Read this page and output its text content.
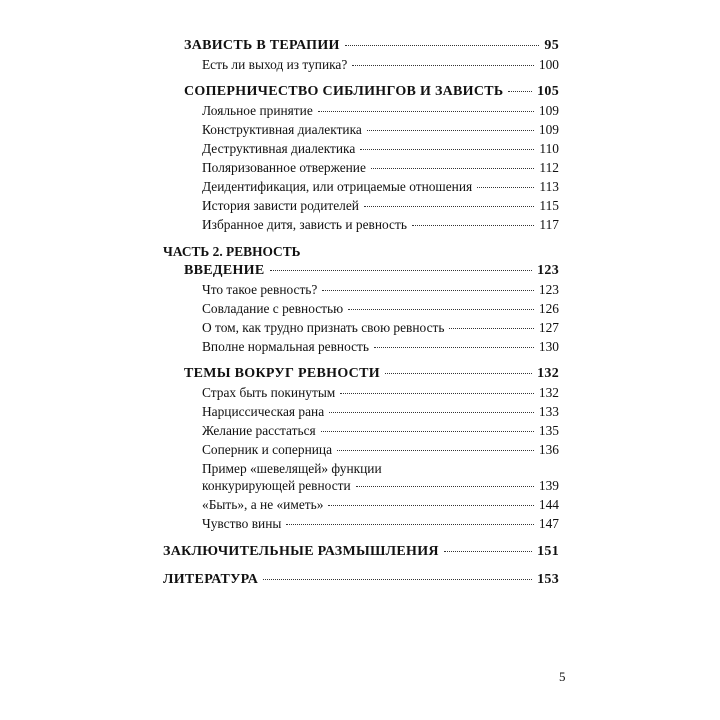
ЗАВИСТЬ В ТЕРАПИИ	95
Есть ли выход из тупика?	100
СОПЕРНИЧЕСТВО СИБЛИНГОВ И ЗАВИСТЬ 105
Лояльное принятие	109
Конструктивная диалектика	109
Деструктивная диалектика	110
Поляризованное отвержение	112
Деидентификация, или отрицаемые отношения	113
История зависти родителей	115
Избранное дитя, зависть и ревность	117
ЧАСТЬ 2. РЕВНОСТЬ
ВВЕДЕНИЕ	123
Что такое ревность?	123
Совладание с ревностью	126
О том, как трудно признать свою ревность	127
Вполне нормальная ревность	130
ТЕМЫ ВОКРУГ РЕВНОСТИ	132
Страх быть покинутым	132
Нарциссическая рана	133
Желание расстаться	135
Соперник и соперница	136
Пример «шевелящей» функции
конкурирующей ревности	139
«Быть», а не «иметь»	144
Чувство вины	147
ЗАКЛЮЧИТЕЛЬНЫЕ РАЗМЫШЛЕНИЯ	151
ЛИТЕРАТУРА	153
5
